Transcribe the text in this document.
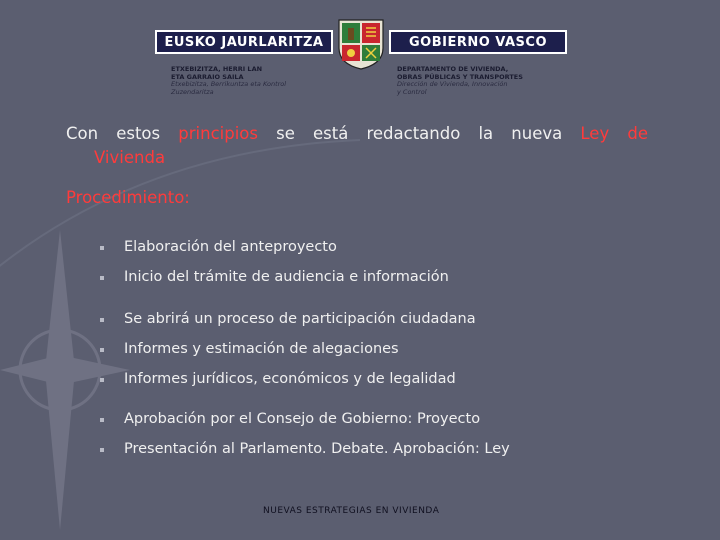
EUSKO JAURLARITZA	GOBIERNO VASCO
ETXEBIZITZA, HERRI LAN
ETA GARRAIO SAILA
Etxebizitza, Berrikuntza eta Kontrol
Zuzendaritza
DEPARTAMENTO DE VIVIENDA,
OBRAS PÚBLICAS Y TRANSPORTES
Dirección de Vivienda, Innovación
y Control
Con estos principios se está redactando la nueva Ley de
Vivienda
Procedimiento:
Elaboración del anteproyecto
Inicio del trámite de audiencia e información
Se abrirá un proceso de participación ciudadana
Informes y estimación de alegaciones
Informes jurídicos, económicos y de legalidad
Aprobación por el Consejo de Gobierno: Proyecto
Presentación al Parlamento. Debate. Aprobación: Ley
NUEVAS ESTRATEGIAS EN VIVIENDA
